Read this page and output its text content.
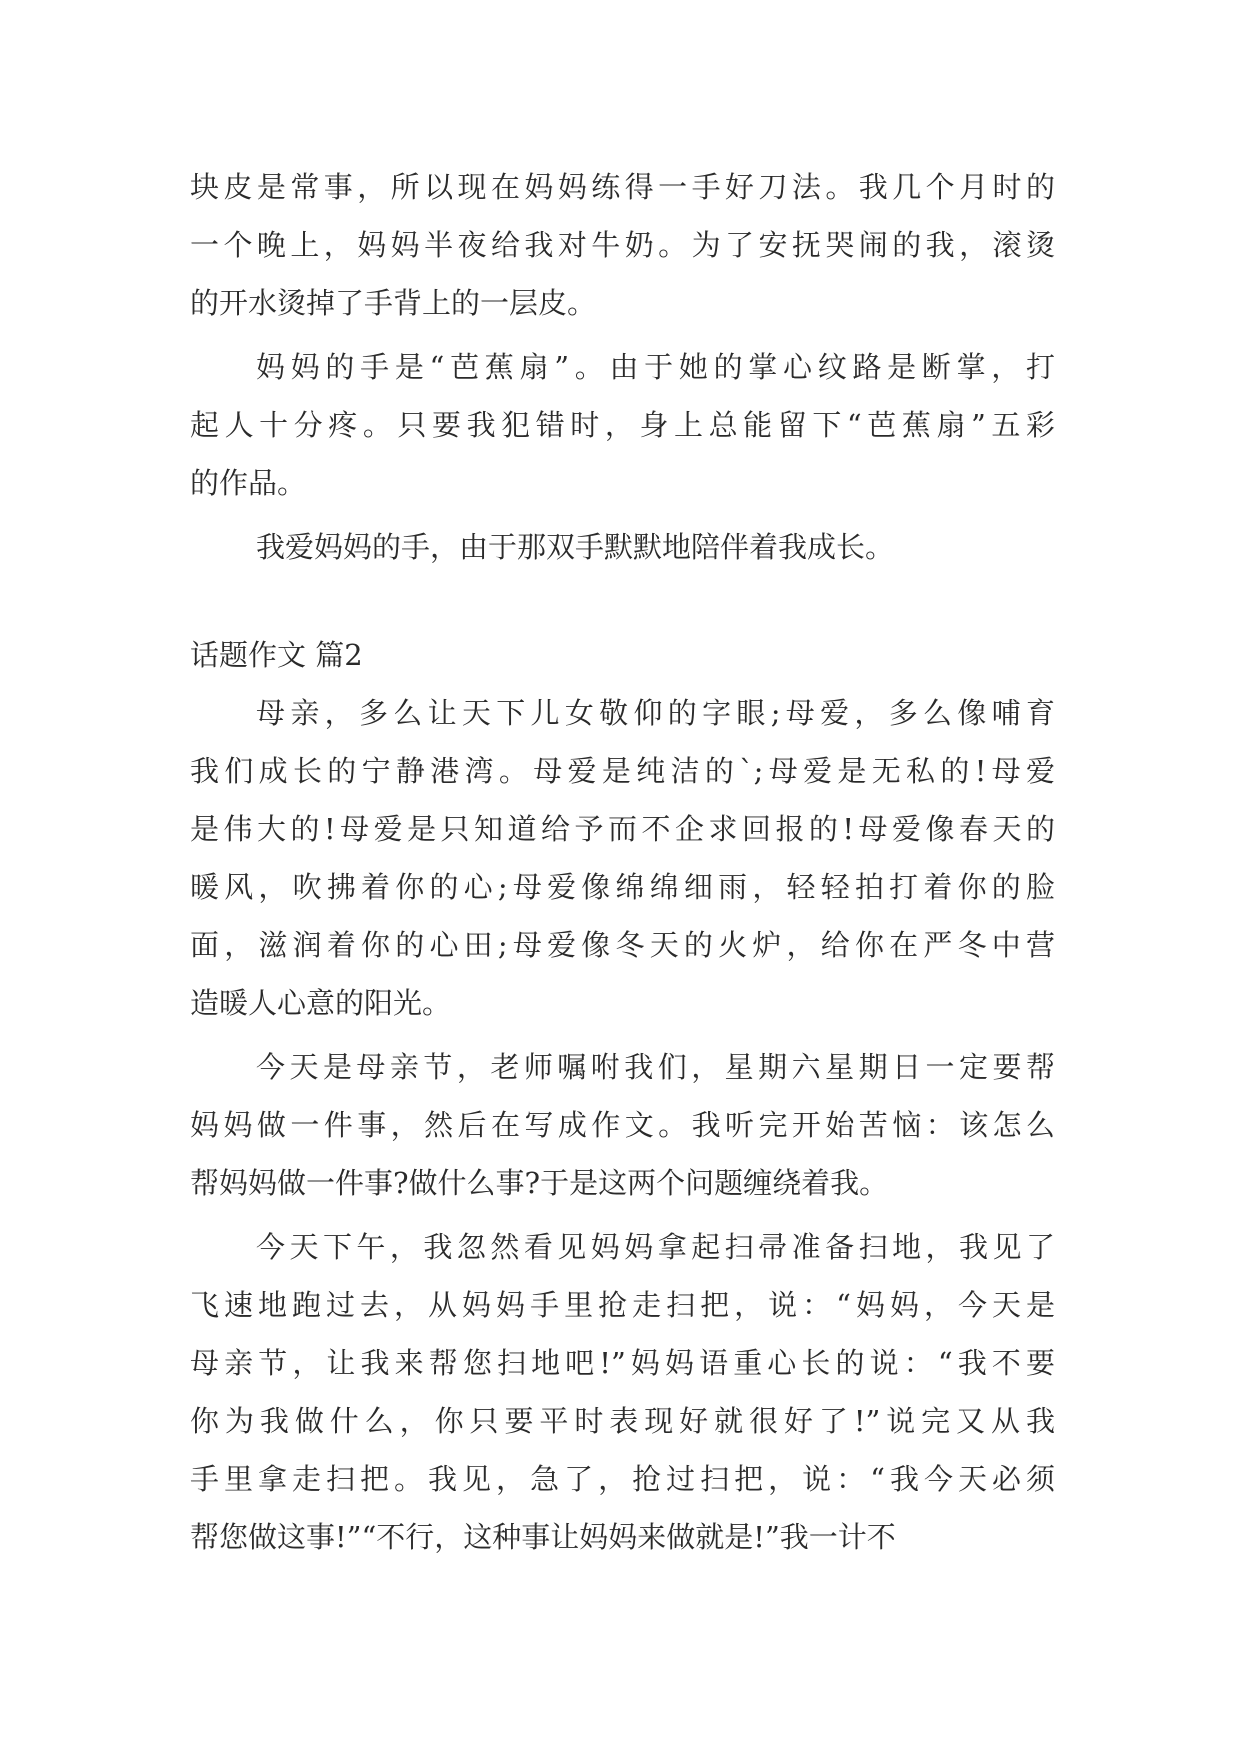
块皮是常事，所以现在妈妈练得一手好刀法。我几个月时的
一个晚上，妈妈半夜给我对牛奶。为了安抚哭闹的我，滚烫
的开水烫掉了手背上的一层皮。
妈妈的手是“芭蕉扇”。由于她的掌心纹路是断掌，打
起人十分疼。只要我犯错时，身上总能留下“芭蕉扇”五彩
的作品。
我爱妈妈的手，由于那双手默默地陪伴着我成长。
话题作文 篇2
母亲，多么让天下儿女敬仰的字眼;母爱，多么像哺育
我们成长的宁静港湾。母爱是纯洁的`;母爱是无私的!母爱
是伟大的!母爱是只知道给予而不企求回报的!母爱像春天的
暖风，吹拂着你的心;母爱像绵绵细雨，轻轻拍打着你的脸
面，滋润着你的心田;母爱像冬天的火炉，给你在严冬中营
造暖人心意的阳光。
今天是母亲节，老师嘱咐我们，星期六星期日一定要帮
妈妈做一件事，然后在写成作文。我听完开始苦恼：该怎么
帮妈妈做一件事?做什么事?于是这两个问题缠绕着我。
今天下午，我忽然看见妈妈拿起扫帚准备扫地，我见了
飞速地跑过去，从妈妈手里抢走扫把，说：“妈妈，今天是
母亲节，让我来帮您扫地吧!”妈妈语重心长的说：“我不要
你为我做什么，你只要平时表现好就很好了!”说完又从我
手里拿走扫把。我见，急了，抢过扫把，说：“我今天必须
帮您做这事!”“不行，这种事让妈妈来做就是!”我一计不
